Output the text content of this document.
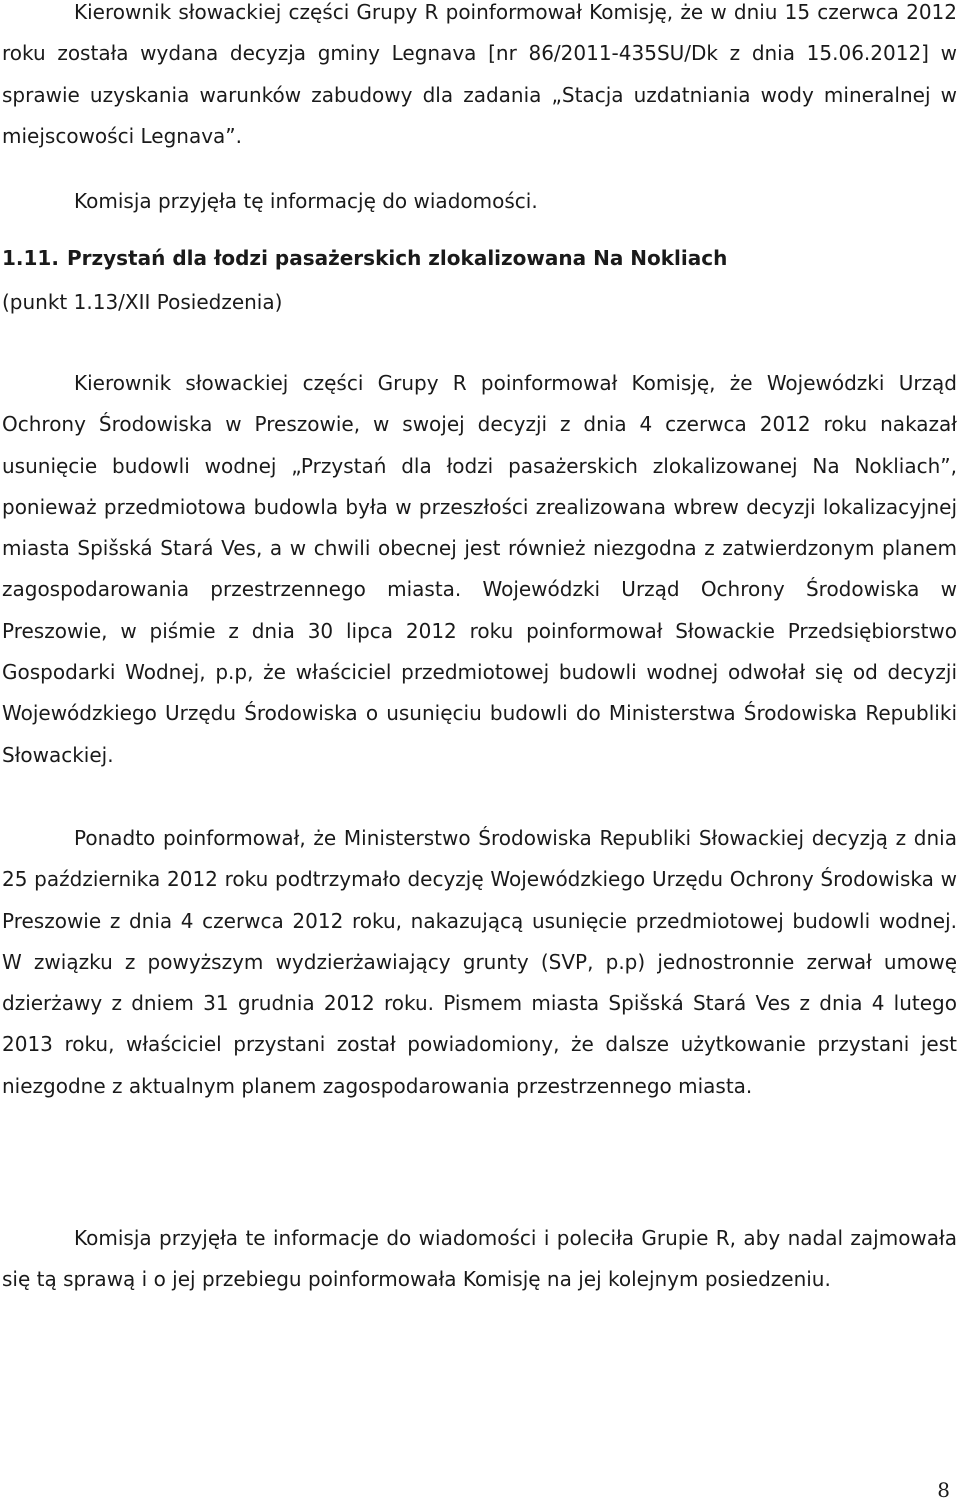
Kierownik słowackiej części Grupy R poinformował Komisję, że w dniu 15 czerwca 2012 roku została wydana decyzja gminy Legnava [nr 86/2011-435SU/Dk z dnia 15.06.2012] w sprawie uzyskania warunków zabudowy dla zadania „Stacja uzdatniania wody mineralnej w miejscowości Legnava”.

Komisja przyjęła tę informację do wiadomości.

1.11. Przystań dla łodzi pasażerskich zlokalizowana Na Nokliach
(punkt 1.13/XII Posiedzenia)

Kierownik słowackiej części Grupy R poinformował Komisję, że Wojewódzki Urząd Ochrony Środowiska w Preszowie, w swojej decyzji z dnia 4 czerwca 2012 roku nakazał usunięcie budowli wodnej „Przystań dla łodzi pasażerskich zlokalizowanej Na Nokliach”, ponieważ przedmiotowa budowla była w przeszłości zrealizowana wbrew decyzji lokalizacyjnej miasta Spišská Stará Ves, a w chwili obecnej jest również niezgodna z zatwierdzonym planem zagospodarowania przestrzennego miasta. Wojewódzki Urząd Ochrony Środowiska w Preszowie, w piśmie z dnia 30 lipca 2012 roku poinformował Słowackie Przedsiębiorstwo Gospodarki Wodnej, p.p, że właściciel przedmiotowej budowli wodnej odwołał się od decyzji Wojewódzkiego Urzędu Środowiska o usunięciu budowli do Ministerstwa Środowiska Republiki Słowackiej.

Ponadto poinformował, że Ministerstwo Środowiska Republiki Słowackiej decyzją z dnia 25 października 2012 roku podtrzymało decyzję Wojewódzkiego Urzędu Ochrony Środowiska w Preszowie z dnia 4 czerwca 2012 roku, nakazującą usunięcie przedmiotowej budowli wodnej. W związku z powyższym wydzierżawiający grunty (SVP, p.p) jednostronnie zerwał umowę dzierżawy z dniem 31 grudnia 2012 roku. Pismem miasta Spišská Stará Ves z dnia 4 lutego 2013 roku, właściciel przystani został powiadomiony, że dalsze użytkowanie przystani jest niezgodne z aktualnym planem zagospodarowania przestrzennego miasta.

Komisja przyjęła te informacje do wiadomości i poleciła Grupie R, aby nadal zajmowała się tą sprawą i o jej przebiegu poinformowała Komisję na jej kolejnym posiedzeniu.

8
